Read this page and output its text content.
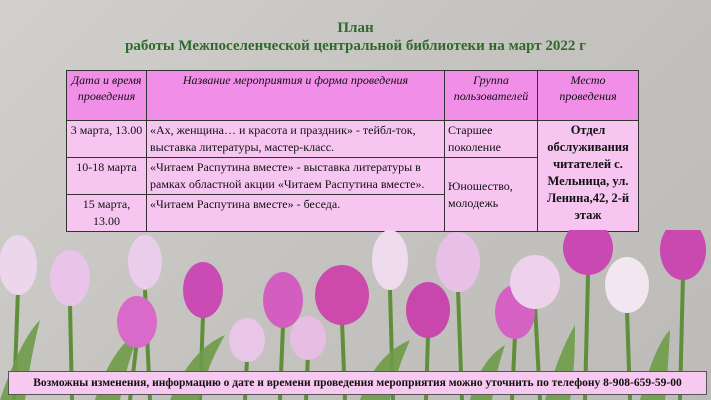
План
работы Межпоселенческой центральной библиотеки на март 2022 г
Дата и время проведения	Название мероприятия и форма проведения	Группа пользователей	Место проведения
3 марта, 13.00	«Ах, женщина… и красота и праздник» - тейбл-ток, выставка литературы, мастер-класс.	Старшее поколение	Отдел обслуживания читателей с. Мельница, ул. Ленина,42, 2-й этаж
10-18 марта	«Читаем Распутина вместе» - выставка литературы в рамках областной акции «Читаем Распутина вместе».	Юношество, молодежь	
15 марта, 13.00	«Читаем Распутина вместе» - беседа.		
Возможны изменения, информацию о дате и времени проведения мероприятия можно уточнить по телефону 8-908-659-59-00
